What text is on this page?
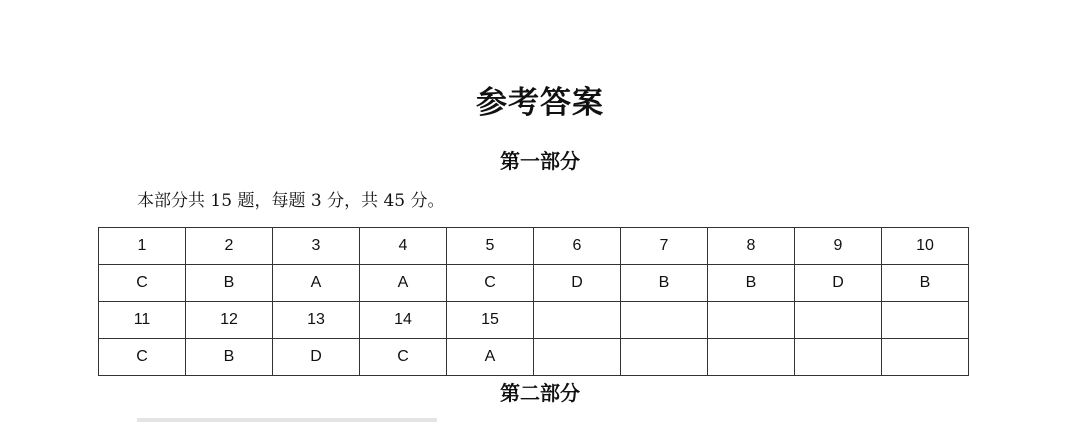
参考答案
第一部分
本部分共 15 题，每题 3 分，共 45 分。
1	2	3	4	5	6	7	8	9	10
C	B	A	A	C	D	B	B	D	B
11	12	13	14	15					
C	B	D	C	A					
第二部分
